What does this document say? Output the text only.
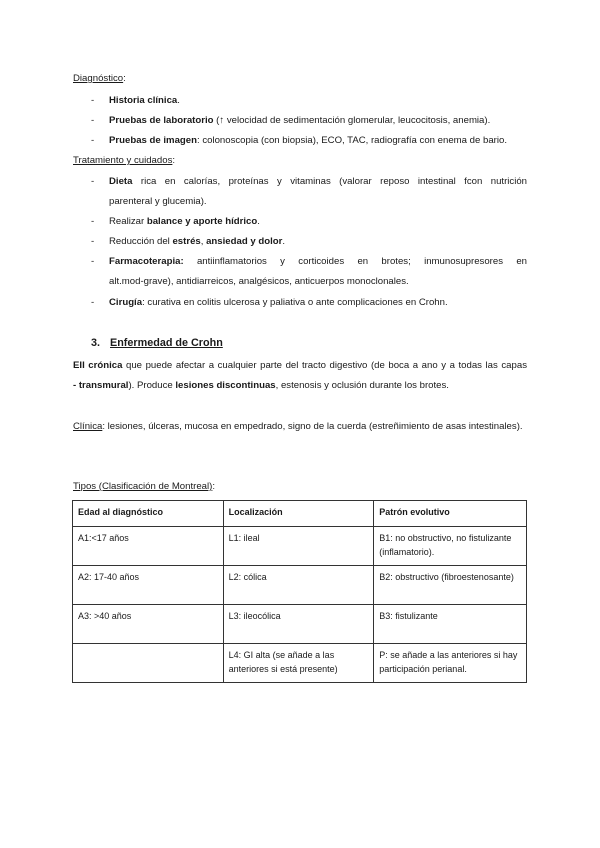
Diagnóstico:
-	Historia clínica.
-	Pruebas de laboratorio (↑ velocidad de sedimentación glomerular, leucocitosis, anemia).
-	Pruebas de imagen: colonoscopia (con biopsia), ECO, TAC, radiografía con enema de bario.
Tratamiento y cuidados:
-	Dieta rica en calorías, proteínas y vitaminas (valorar reposo intestinal fcon nutrición
parenteral y glucemia).
-	Realizar balance y aporte hídrico.
-	Reducción del estrés, ansiedad y dolor.
-	Farmacoterapia: antiinflamatorios y corticoides en brotes; inmunosupresores en
alt.mod-grave), antidiarreicos, analgésicos, anticuerpos monoclonales.
-	Cirugía: curativa en colitis ulcerosa y paliativa o ante complicaciones en Crohn.
3. Enfermedad de Crohn
EII crónica que puede afectar a cualquier parte del tracto digestivo (de boca a ano y a todas las capas
- transmural). Produce lesiones discontinuas, estenosis y oclusión durante los brotes.
Clínica: lesiones, úlceras, mucosa en empedrado, signo de la cuerda (estreñimiento de asas intestinales).
Tipos (Clasificación de Montreal):
Edad al diagnóstico	Localización	Patrón evolutivo
A1:<17 años	L1: ileal	B1: no obstructivo, no fistulizante (inflamatorio).
A2: 17-40 años	L2: cólica	B2: obstructivo (fibroestenosante)
A3: >40 años	L3: ileocólica	B3: fistulizante
	L4: GI alta (se añade a las anteriores si está presente)	P: se añade a las anteriores si hay participación perianal.
